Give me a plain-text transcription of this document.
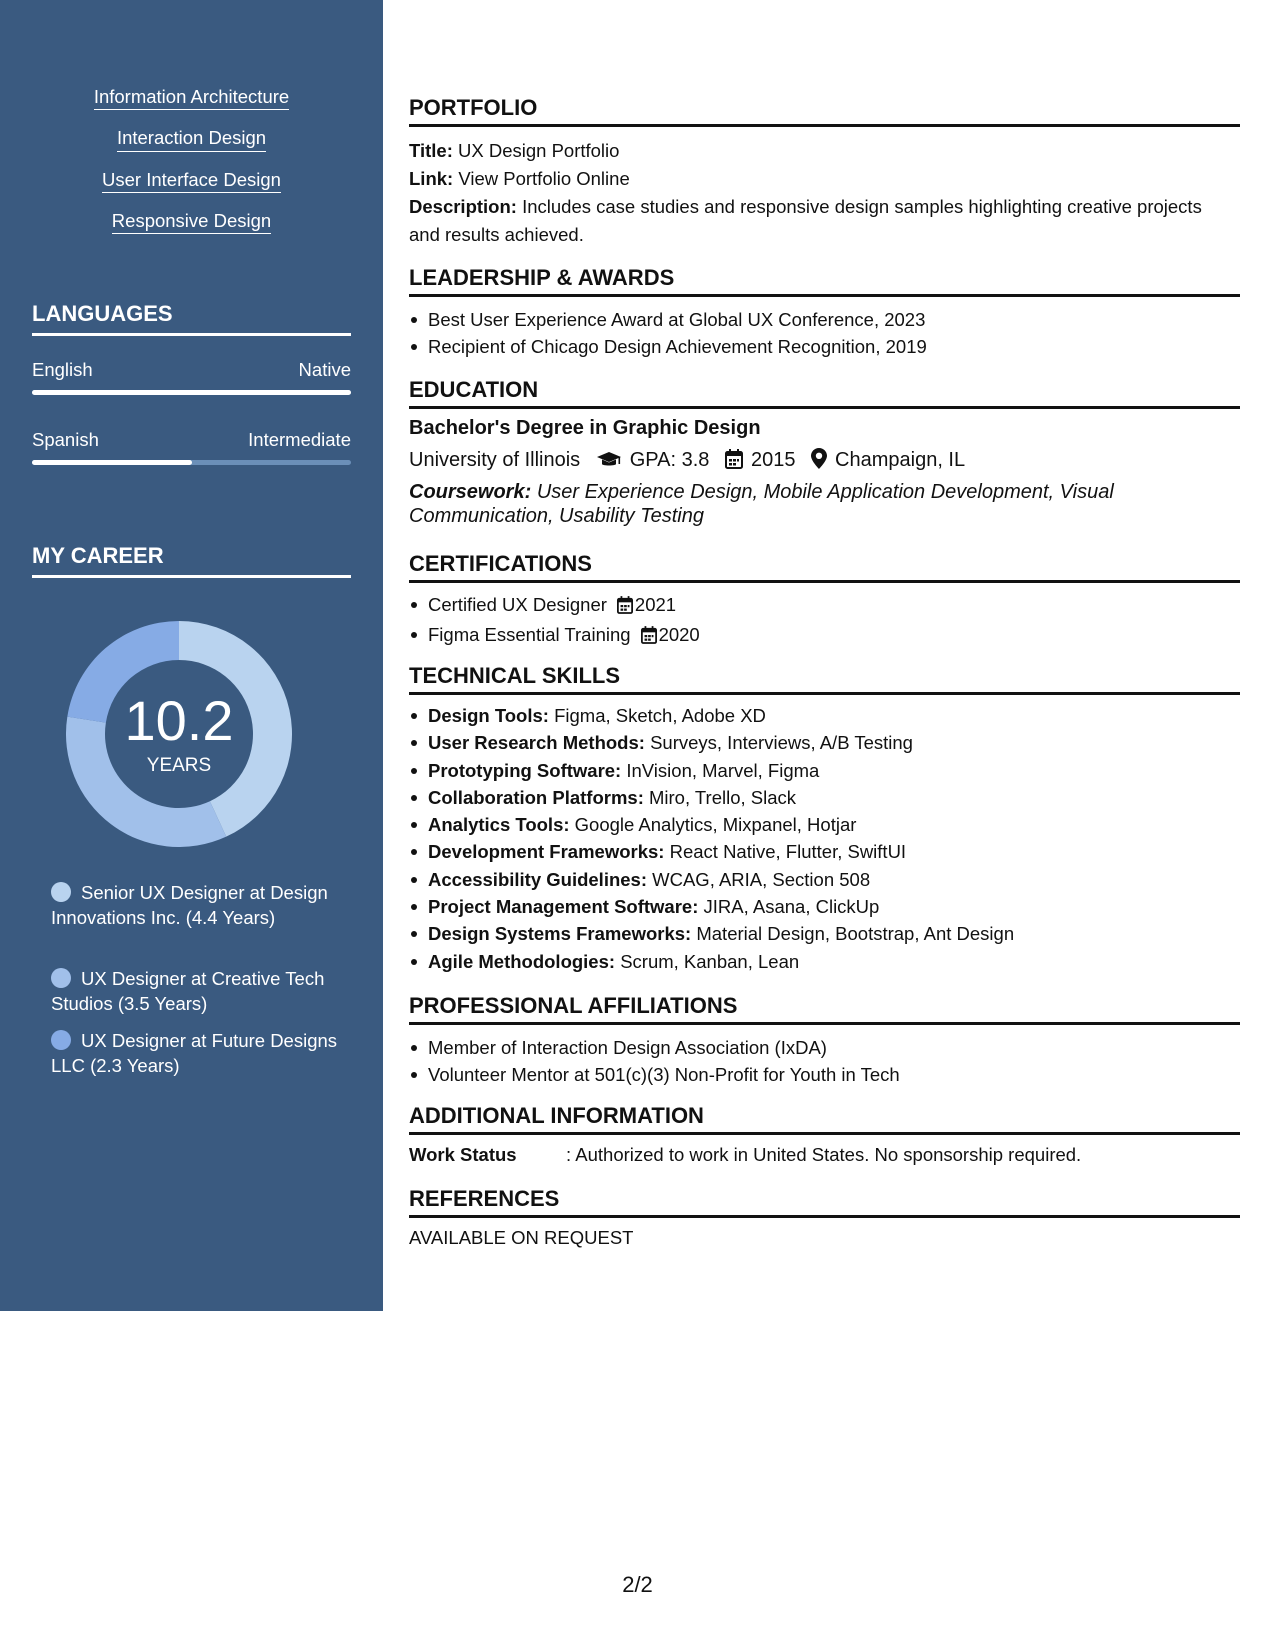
Information Architecture
Interaction Design
User Interface Design
Responsive Design
LANGUAGES
English	Native
Spanish	Intermediate
MY CAREER
10.2
YEARS
Senior UX Designer at Design Innovations Inc. (4.4 Years)
UX Designer at Creative Tech Studios (3.5 Years)
UX Designer at Future Designs LLC (2.3 Years)
PORTFOLIO
Title: UX Design Portfolio
Link: View Portfolio Online
Description: Includes case studies and responsive design samples highlighting creative projects
and results achieved.
LEADERSHIP & AWARDS
Best User Experience Award at Global UX Conference, 2023
Recipient of Chicago Design Achievement Recognition, 2019
EDUCATION
Bachelor's Degree in Graphic Design
University of Illinois GPA: 3.8 2015 Champaign, IL
Coursework: User Experience Design, Mobile Application Development, Visual
Communication, Usability Testing
CERTIFICATIONS
Certified UX Designer 2021
Figma Essential Training 2020
TECHNICAL SKILLS
Design Tools: Figma, Sketch, Adobe XD
User Research Methods: Surveys, Interviews, A/B Testing
Prototyping Software: InVision, Marvel, Figma
Collaboration Platforms: Miro, Trello, Slack
Analytics Tools: Google Analytics, Mixpanel, Hotjar
Development Frameworks: React Native, Flutter, SwiftUI
Accessibility Guidelines: WCAG, ARIA, Section 508
Project Management Software: JIRA, Asana, ClickUp
Design Systems Frameworks: Material Design, Bootstrap, Ant Design
Agile Methodologies: Scrum, Kanban, Lean
PROFESSIONAL AFFILIATIONS
Member of Interaction Design Association (IxDA)
Volunteer Mentor at 501(c)(3) Non-Profit for Youth in Tech
ADDITIONAL INFORMATION
Work Status	: Authorized to work in United States. No sponsorship required.
REFERENCES
AVAILABLE ON REQUEST
2/2
